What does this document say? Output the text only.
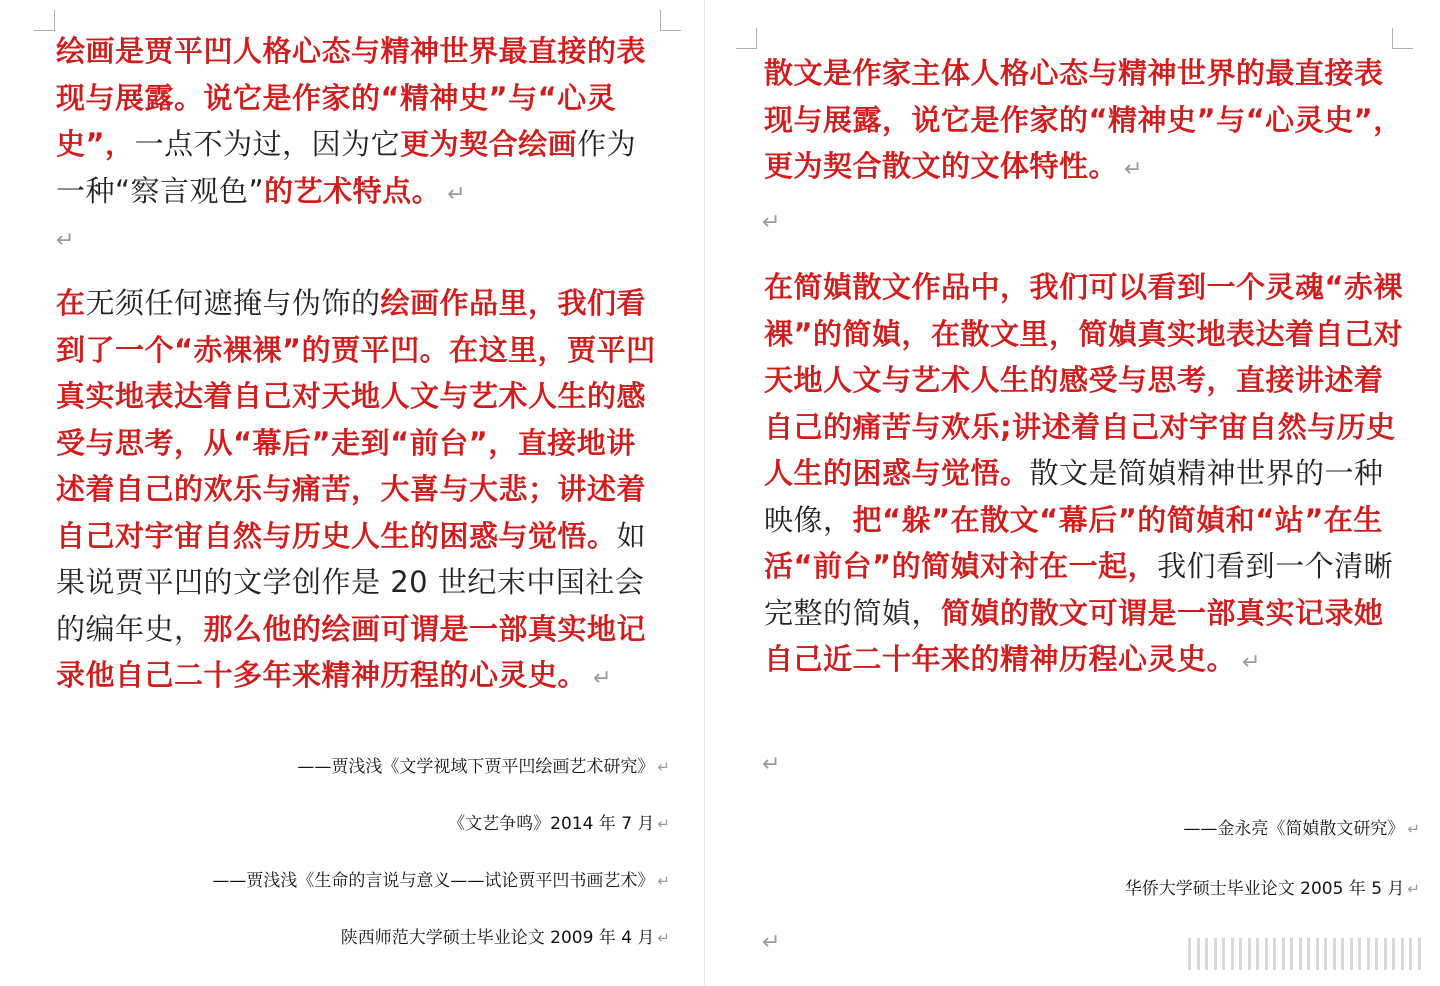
绘画是贾平凹人格心态与精神世界最直接的表现与展露。说它是作家的“精神史”与“心灵史”，一点不为过，因为它更为契合绘画作为一种“察言观色”的艺术特点。 ↵

↵

在无须任何遮掩与伪饰的绘画作品里，我们看到了一个“赤裸裸”的贾平凹。在这里，贾平凹真实地表达着自己对天地人文与艺术人生的感受与思考，从“幕后”走到“前台”，直接地讲述着自己的欢乐与痛苦，大喜与大悲；讲述着自己对宇宙自然与历史人生的困惑与觉悟。如果说贾平凹的文学创作是 20 世纪末中国社会的编年史，那么他的绘画可谓是一部真实地记录他自己二十多年来精神历程的心灵史。 ↵

——贾浅浅《文学视域下贾平凹绘画艺术研究》 ↵

《文艺争鸣》2014 年 7 月 ↵

——贾浅浅《生命的言说与意义——试论贾平凹书画艺术》 ↵

陕西师范大学硕士毕业论文 2009 年 4 月 ↵

散文是作家主体人格心态与精神世界的最直接表现与展露，说它是作家的“精神史”与“心灵史”，更为契合散文的文体特性。 ↵

↵

在简媜散文作品中，我们可以看到一个灵魂“赤裸裸”的简媜，在散文里，简媜真实地表达着自己对天地人文与艺术人生的感受与思考，直接讲述着自己的痛苦与欢乐;讲述着自己对宇宙自然与历史人生的困惑与觉悟。散文是简媜精神世界的一种映像，把“躲”在散文“幕后”的简媜和“站”在生活“前台”的简媜对衬在一起，我们看到一个清晰完整的简媜，简媜的散文可谓是一部真实记录她自己近二十年来的精神历程心灵史。 ↵

↵

——金永亮《简媜散文研究》 ↵

华侨大学硕士毕业论文 2005 年 5 月 ↵

↵
